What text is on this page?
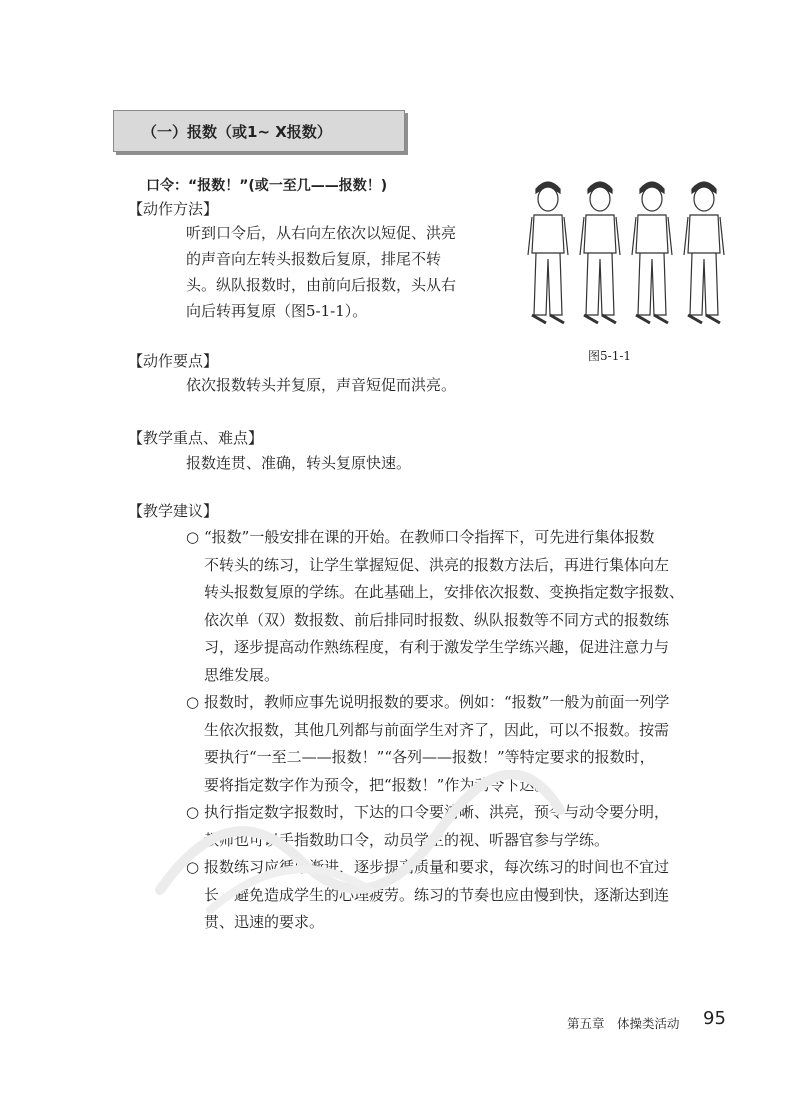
（一）报数（或1~ X报数）
口令：“报数！”(或一至几——报数！)
【动作方法】
听到口令后，从右向左依次以短促、洪亮
的声音向左转头报数后复原，排尾不转
头。纵队报数时，由前向后报数，头从右
向后转再复原（图5-1-1）。
图5-1-1
【动作要点】
依次报数转头并复原，声音短促而洪亮。
【教学重点、难点】
报数连贯、准确，转头复原快速。
【教学建议】
○ “报数”一般安排在课的开始。在教师口令指挥下，可先进行集体报数
不转头的练习，让学生掌握短促、洪亮的报数方法后，再进行集体向左
转头报数复原的学练。在此基础上，安排依次报数、变换指定数字报数、
依次单（双）数报数、前后排同时报数、纵队报数等不同方式的报数练
习，逐步提高动作熟练程度，有利于激发学生学练兴趣，促进注意力与
思维发展。
○ 报数时，教师应事先说明报数的要求。例如：“报数”一般为前面一列学
生依次报数，其他几列都与前面学生对齐了，因此，可以不报数。按需
要执行“一至二——报数！”“各列——报数！”等特定要求的报数时，
要将指定数字作为预令，把“报数！”作为动令下达。
○ 执行指定数字报数时，下达的口令要清晰、洪亮，预令与动令要分明，
教师也可以手指数助口令，动员学生的视、听器官参与学练。
○ 报数练习应循序渐进，逐步提高质量和要求，每次练习的时间也不宜过
长，避免造成学生的心理疲劳。练习的节奏也应由慢到快，逐渐达到连
贯、迅速的要求。
第五章　体操类活动 95
